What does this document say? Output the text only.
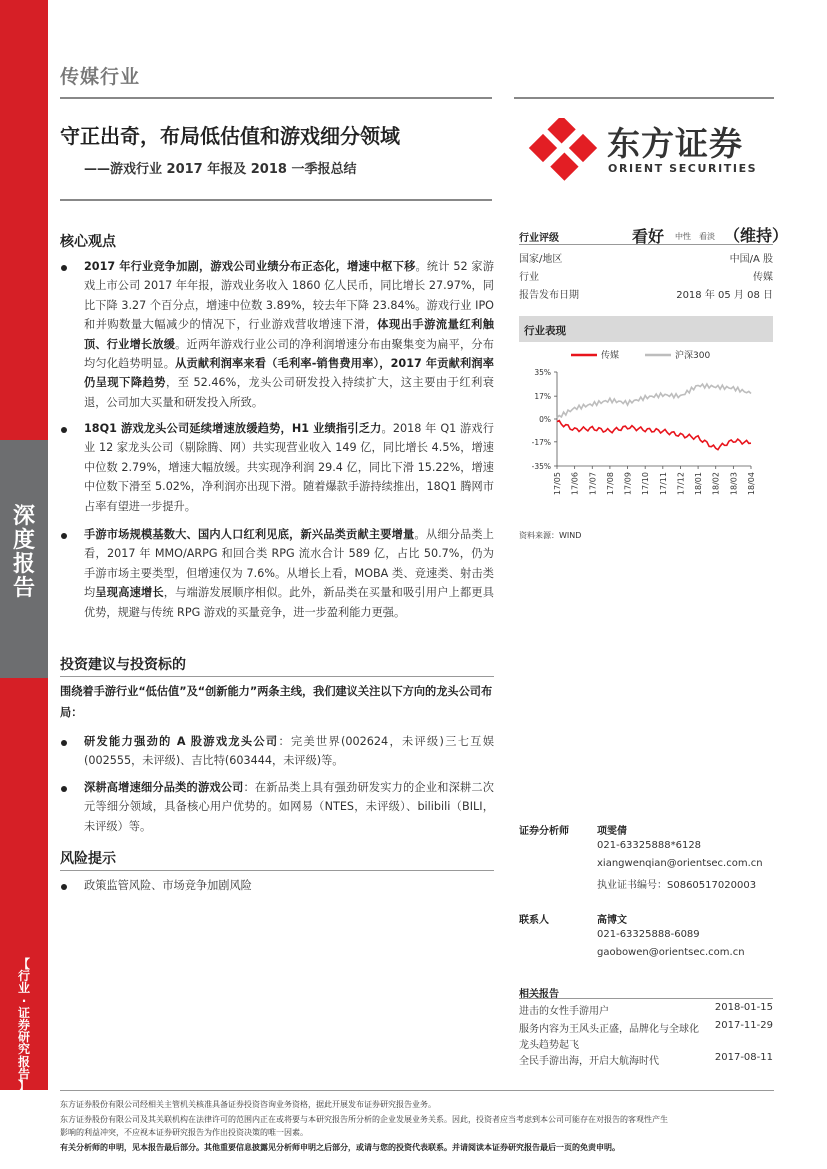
深
度
报
告
【
行
业
·
证
券
研
究
报
告
】
传媒行业
守正出奇，布局低估值和游戏细分领域
——游戏行业 2017 年报及 2018 一季报总结
东方证券
ORIENT SECURITIES
核心观点
2017 年行业竞争加剧，游戏公司业绩分布正态化，增速中枢下移。统计 52 家游戏上市公司 2017 年年报，游戏业务收入 1860 亿人民币，同比增长 27.97%，同比下降 3.27 个百分点，增速中位数 3.89%，较去年下降 23.84%。游戏行业 IPO 和并购数量大幅减少的情况下，行业游戏营收增速下滑，体现出手游流量红利触顶、行业增长放缓。近两年游戏行业公司的净利润增速分布由聚集变为扁平，分布均匀化趋势明显。从贡献利润率来看（毛利率-销售费用率），2017 年贡献利润率仍呈现下降趋势，至 52.46%，龙头公司研发投入持续扩大，这主要由于红利衰退，公司加大买量和研发投入所致。
18Q1 游戏龙头公司延续增速放缓趋势，H1 业绩指引乏力。2018 年 Q1 游戏行业 12 家龙头公司（剔除腾、网）共实现营业收入 149 亿，同比增长 4.5%，增速中位数 2.79%，增速大幅放缓。共实现净利润 29.4 亿，同比下滑 15.22%，增速中位数下滑至 5.02%，净利润亦出现下滑。随着爆款手游持续推出，18Q1 腾网市占率有望进一步提升。
手游市场规模基数大、国内人口红利见底，新兴品类贡献主要增量。从细分品类上看，2017 年 MMO/ARPG 和回合类 RPG 流水合计 589 亿，占比 50.7%，仍为手游市场主要类型，但增速仅为 7.6%。从增长上看，MOBA 类、竞速类、射击类均呈现高速增长，与端游发展顺序相似。此外，新品类在买量和吸引用户上都更具优势，规避与传统 RPG 游戏的买量竞争，进一步盈利能力更强。
投资建议与投资标的
围绕着手游行业“低估值”及“创新能力”两条主线，我们建议关注以下方向的龙头公司布局：
研发能力强劲的 A 股游戏龙头公司：完美世界(002624，未评级)三七互娱(002555，未评级)、吉比特(603444，未评级)等。
深耕高增速细分品类的游戏公司：在新品类上具有强劲研发实力的企业和深耕二次元等细分领域，具备核心用户优势的。如网易（NTES，未评级）、bilibili（BILI，未评级）等。
风险提示
政策监管风险、市场竞争加剧风险
行业评级	看好 中性 看淡 （维持）
国家/地区	中国/A 股
行业	传媒
报告发布日期	2018 年 05 月 08 日
行业表现
传媒	沪深300
35%
17%
0%
-17%
-35%
17/05 17/06 17/07 17/08 17/09 17/10 17/11 17/12 18/01 18/02 18/03 18/04
资料来源：WIND
证券分析师	项雯倩
021-63325888*6128
xiangwenqian@orientsec.com.cn
执业证书编号：S0860517020003
联系人	高博文
021-63325888-6089
gaobowen@orientsec.com.cn
相关报告
进击的女性手游用户	2018-01-15
服务内容为王风头正盛，品牌化与全球化 2017-11-29
龙头趋势起飞
全民手游出海，开启大航海时代	2017-08-11
东方证券股份有限公司经相关主管机关核准具备证券投资咨询业务资格，据此开展发布证券研究报告业务。
东方证券股份有限公司及其关联机构在法律许可的范围内正在或将要与本研究报告所分析的企业发展业务关系。因此，投资者应当考虑到本公司可能存在对报告的客观性产生
影响的利益冲突，不应视本证券研究报告为作出投资决策的唯一因素。
有关分析师的申明，见本报告最后部分。其他重要信息披露见分析师申明之后部分，或请与您的投资代表联系。并请阅读本证券研究报告最后一页的免责申明。
